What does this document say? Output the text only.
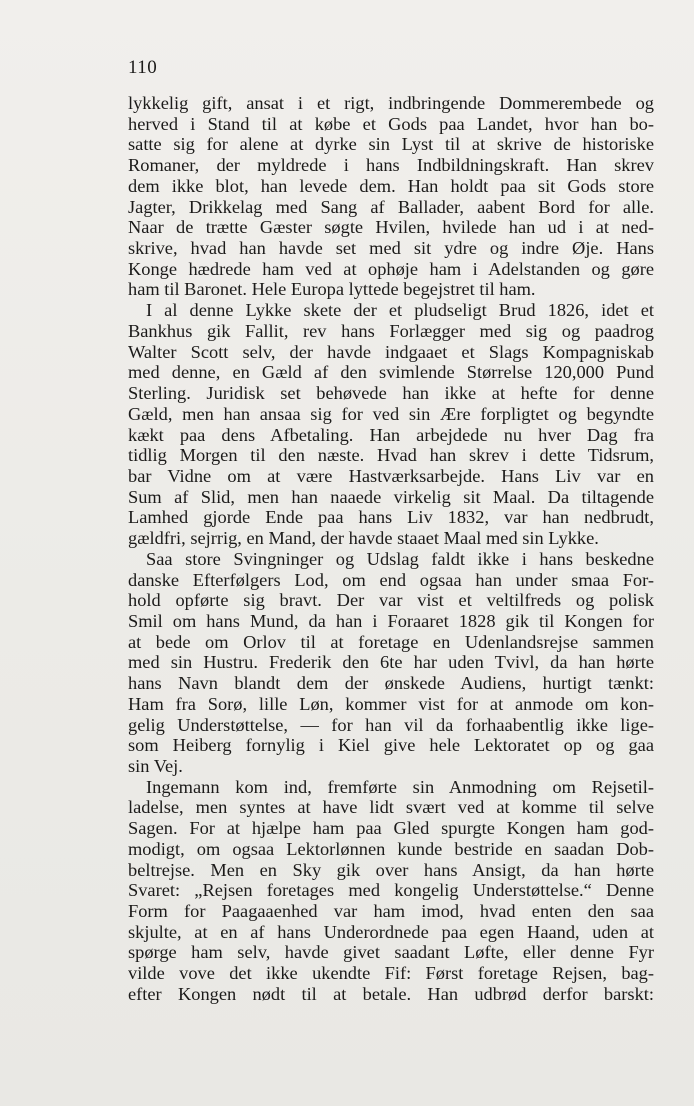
110
lykkelig gift, ansat i et rigt, indbringende Dommerembede og
herved i Stand til at købe et Gods paa Landet, hvor han bo-
satte sig for alene at dyrke sin Lyst til at skrive de historiske
Romaner, der myldrede i hans Indbildningskraft. Han skrev
dem ikke blot, han levede dem. Han holdt paa sit Gods store
Jagter, Drikkelag med Sang af Ballader, aabent Bord for alle.
Naar de trætte Gæster søgte Hvilen, hvilede han ud i at ned-
skrive, hvad han havde set med sit ydre og indre Øje. Hans
Konge hædrede ham ved at ophøje ham i Adelstanden og gøre
ham til Baronet. Hele Europa lyttede begejstret til ham.
I al denne Lykke skete der et pludseligt Brud 1826, idet et
Bankhus gik Fallit, rev hans Forlægger med sig og paadrog
Walter Scott selv, der havde indgaaet et Slags Kompagniskab
med denne, en Gæld af den svimlende Størrelse 120,000 Pund
Sterling. Juridisk set behøvede han ikke at hefte for denne
Gæld, men han ansaa sig for ved sin Ære forpligtet og begyndte
kækt paa dens Afbetaling. Han arbejdede nu hver Dag fra
tidlig Morgen til den næste. Hvad han skrev i dette Tidsrum,
bar Vidne om at være Hastværksarbejde. Hans Liv var en
Sum af Slid, men han naaede virkelig sit Maal. Da tiltagende
Lamhed gjorde Ende paa hans Liv 1832, var han nedbrudt,
gældfri, sejrrig, en Mand, der havde staaet Maal med sin Lykke.
Saa store Svingninger og Udslag faldt ikke i hans beskedne
danske Efterfølgers Lod, om end ogsaa han under smaa For-
hold opførte sig bravt. Der var vist et veltilfreds og polisk
Smil om hans Mund, da han i Foraaret 1828 gik til Kongen for
at bede om Orlov til at foretage en Udenlandsrejse sammen
med sin Hustru. Frederik den 6te har uden Tvivl, da han hørte
hans Navn blandt dem der ønskede Audiens, hurtigt tænkt:
Ham fra Sorø, lille Løn, kommer vist for at anmode om kon-
gelig Understøttelse, — for han vil da forhaabentlig ikke lige-
som Heiberg fornylig i Kiel give hele Lektoratet op og gaa
sin Vej.
Ingemann kom ind, fremførte sin Anmodning om Rejsetil-
ladelse, men syntes at have lidt svært ved at komme til selve
Sagen. For at hjælpe ham paa Gled spurgte Kongen ham god-
modigt, om ogsaa Lektorlønnen kunde bestride en saadan Dob-
beltrejse. Men en Sky gik over hans Ansigt, da han hørte
Svaret: „Rejsen foretages med kongelig Understøttelse.“ Denne
Form for Paagaaenhed var ham imod, hvad enten den saa
skjulte, at en af hans Underordnede paa egen Haand, uden at
spørge ham selv, havde givet saadant Løfte, eller denne Fyr
vilde vove det ikke ukendte Fif: Først foretage Rejsen, bag-
efter Kongen nødt til at betale. Han udbrød derfor barskt:
